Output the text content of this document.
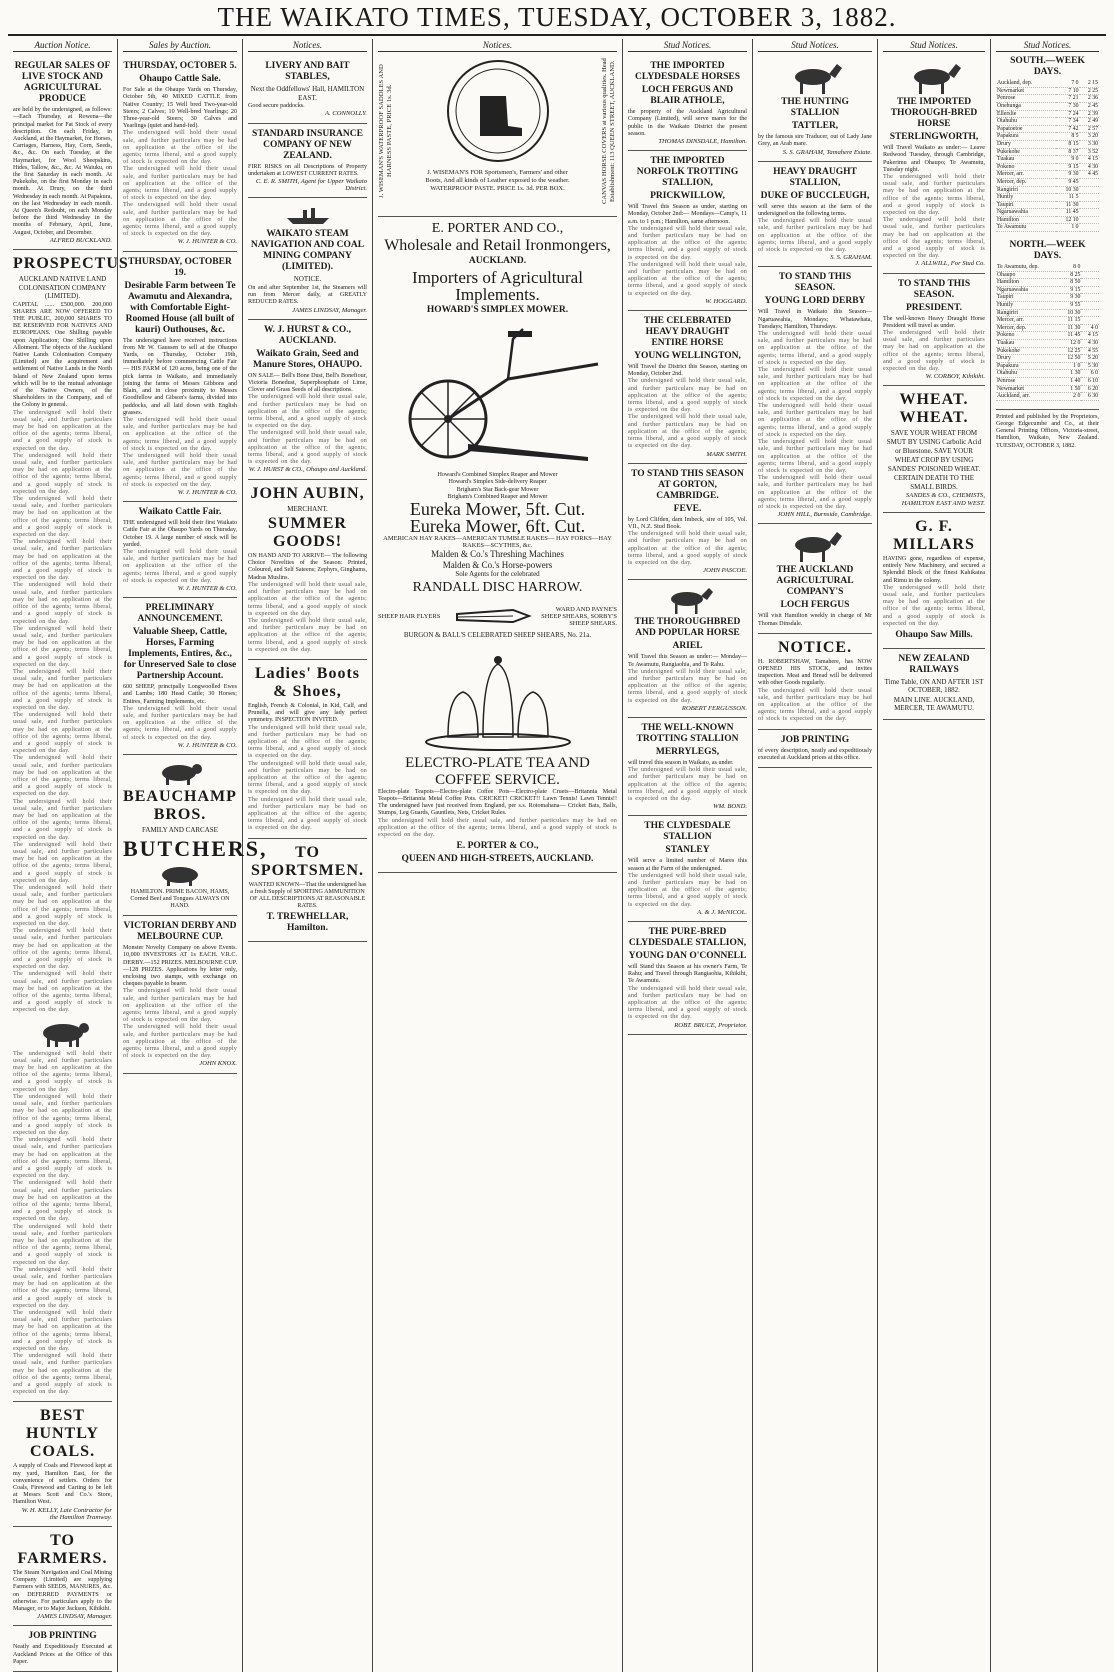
THE WAIKATO TIMES, TUESDAY, OCTOBER 3, 1882.
Auction Notice.
REGULAR SALES OF LIVE STOCK AND AGRICULTURAL PRODUCE
are held by the undersigned, as follows:—Each Thursday, at Rowena—the principal market for Fat Stock of every description. On each Friday, in Auckland, at the Haymarket, for Horses, Carriages, Harness, Hay, Corn, Seeds, &c., &c. On each Tuesday, at the Haymarket, for Wool Sheepskins, Hides, Tallow, &c., &c. At Waiuku, on the first Saturday in each month. At Pukekohe, on the first Monday in each month. At Drury, on the third Wednesday in each month. At Papakura, on the last Wednesday in each month. At Queen's Redoubt, on each Monday before the third Wednesday in the months of February, April, June, August, October, and December.
ALFRED BUCKLAND.
PROSPECTUS
AUCKLAND NATIVE LAND COLONISATION COMPANY (LIMITED).
CAPITAL ...... £500,000. 200,000 SHARES ARE NOW OFFERED TO THE PUBLIC, 200,000 SHARES TO BE RESERVED FOR NATIVES AND EUROPEANS. One Shilling payable upon Application; One Shilling upon Allotment. The objects of the Auckland Native Lands Colonisation Company (Limited) are the acquirement and settlement of Native Lands in the North Island of New Zealand upon terms which will be to the mutual advantage of the Native Owners, of the Shareholders in the Company, and of the Colony in general.
The undersigned will hold their usual sale, and further particulars may be had on application at the office of the agents; terms liberal, and a good supply of stock is expected on the day.
The undersigned will hold their usual sale, and further particulars may be had on application at the office of the agents; terms liberal, and a good supply of stock is expected on the day.
The undersigned will hold their usual sale, and further particulars may be had on application at the office of the agents; terms liberal, and a good supply of stock is expected on the day.
The undersigned will hold their usual sale, and further particulars may be had on application at the office of the agents; terms liberal, and a good supply of stock is expected on the day.
The undersigned will hold their usual sale, and further particulars may be had on application at the office of the agents; terms liberal, and a good supply of stock is expected on the day.
The undersigned will hold their usual sale, and further particulars may be had on application at the office of the agents; terms liberal, and a good supply of stock is expected on the day.
The undersigned will hold their usual sale, and further particulars may be had on application at the office of the agents; terms liberal, and a good supply of stock is expected on the day.
The undersigned will hold their usual sale, and further particulars may be had on application at the office of the agents; terms liberal, and a good supply of stock is expected on the day.
The undersigned will hold their usual sale, and further particulars may be had on application at the office of the agents; terms liberal, and a good supply of stock is expected on the day.
The undersigned will hold their usual sale, and further particulars may be had on application at the office of the agents; terms liberal, and a good supply of stock is expected on the day.
The undersigned will hold their usual sale, and further particulars may be had on application at the office of the agents; terms liberal, and a good supply of stock is expected on the day.
The undersigned will hold their usual sale, and further particulars may be had on application at the office of the agents; terms liberal, and a good supply of stock is expected on the day.
The undersigned will hold their usual sale, and further particulars may be had on application at the office of the agents; terms liberal, and a good supply of stock is expected on the day.
The undersigned will hold their usual sale, and further particulars may be had on application at the office of the agents; terms liberal, and a good supply of stock is expected on the day.
The undersigned will hold their usual sale, and further particulars may be had on application at the office of the agents; terms liberal, and a good supply of stock is expected on the day.
The undersigned will hold their usual sale, and further particulars may be had on application at the office of the agents; terms liberal, and a good supply of stock is expected on the day.
The undersigned will hold their usual sale, and further particulars may be had on application at the office of the agents; terms liberal, and a good supply of stock is expected on the day.
The undersigned will hold their usual sale, and further particulars may be had on application at the office of the agents; terms liberal, and a good supply of stock is expected on the day.
The undersigned will hold their usual sale, and further particulars may be had on application at the office of the agents; terms liberal, and a good supply of stock is expected on the day.
The undersigned will hold their usual sale, and further particulars may be had on application at the office of the agents; terms liberal, and a good supply of stock is expected on the day.
The undersigned will hold their usual sale, and further particulars may be had on application at the office of the agents; terms liberal, and a good supply of stock is expected on the day.
The undersigned will hold their usual sale, and further particulars may be had on application at the office of the agents; terms liberal, and a good supply of stock is expected on the day.
BEST HUNTLY COALS.
A supply of Coals and Firewood kept at my yard, Hamilton East, for the convenience of settlers. Orders for Coals, Firewood and Carting to be left at Messrs Scott and Co.'s Store, Hamilton West.
W. H. KELLY, Late Contractor for the Hamilton Tramway.
TO FARMERS.
The Steam Navigation and Coal Mining Company (Limited) are supplying Farmers with SEEDS, MANURES, &c. on DEFERRED PAYMENTS or otherwise. For particulars apply to the Manager, or to Major Jackson, Kihikihi.
JAMES LINDSAY, Manager.
JOB PRINTING
Neatly and Expeditiously Executed at Auckland Prices at the Office of this Paper.
Sales by Auction.
THURSDAY, OCTOBER 5.
Ohaupo Cattle Sale.
For Sale at the Ohaupo Yards on Thursday, October 5th, 40 MIXED CATTLE from Native Country; 15 Well bred Two-year-old Steers; 2 Calves; 10 Well-bred Yearlings; 20 Three-year-old Steers; 30 Calves and Yearlings (quiet and hand-fed).
The undersigned will hold their usual sale, and further particulars may be had on application at the office of the agents; terms liberal, and a good supply of stock is expected on the day.
The undersigned will hold their usual sale, and further particulars may be had on application at the office of the agents; terms liberal, and a good supply of stock is expected on the day.
The undersigned will hold their usual sale, and further particulars may be had on application at the office of the agents; terms liberal, and a good supply of stock is expected on the day.
W. J. HUNTER & CO.
THURSDAY, OCTOBER 19.
Desirable Farm between Te Awamutu and Alexandra, with Comfortable Eight-Roomed House (all built of kauri) Outhouses, &c.
The undersigned have received instructions from Mr W. Gaussen to sell at the Ohaupo Yards, on Thursday, October 19th, immediately before commencing Cattle Fair — HIS FARM of 120 acres, being one of the pick farms in Waikato, and immediately joining the farms of Messrs Gibbons and Blain, and in close proximity to Messrs Goodfellow and Gibson's farms, divided into paddocks, and all laid down with English grasses.
The undersigned will hold their usual sale, and further particulars may be had on application at the office of the agents; terms liberal, and a good supply of stock is expected on the day.
The undersigned will hold their usual sale, and further particulars may be had on application at the office of the agents; terms liberal, and a good supply of stock is expected on the day.
W. J. HUNTER & CO.
Waikato Cattle Fair.
THE undersigned will hold their first Waikato Cattle Fair at the Ohaupo Yards on Thursday, October 19. A large number of stock will be yarded.
The undersigned will hold their usual sale, and further particulars may be had on application at the office of the agents; terms liberal, and a good supply of stock is expected on the day.
W. J. HUNTER & CO.
PRELIMINARY ANNOUNCEMENT.
Valuable Sheep, Cattle, Horses, Farming Implements, Entires, &c., for Unreserved Sale to close Partnership Account.
600 SHEEP, principally Longwoolled Ewes and Lambs; 180 Head Cattle; 30 Horses; Entires, Farming Implements, etc.
The undersigned will hold their usual sale, and further particulars may be had on application at the office of the agents; terms liberal, and a good supply of stock is expected on the day.
W. J. HUNTER & CO.
BEAUCHAMP BROS.
FAMILY AND CARCASE
BUTCHERS,
HAMILTON. PRIME BACON, HAMS, Corned Beef and Tongues ALWAYS ON HAND.
VICTORIAN DERBY AND MELBOURNE CUP.
Monster Novelty Company on above Events. 10,000 INVESTORS AT 1s EACH. V.R.C. DERBY.—152 PRIZES. MELBOURNE CUP.—128 PRIZES. Applications by letter only, enclosing two stamps, with exchange on cheques payable to bearer.
The undersigned will hold their usual sale, and further particulars may be had on application at the office of the agents; terms liberal, and a good supply of stock is expected on the day.
The undersigned will hold their usual sale, and further particulars may be had on application at the office of the agents; terms liberal, and a good supply of stock is expected on the day.
JOHN KNOX.
Notices.
LIVERY AND BAIT STABLES,
Next the Oddfellows' Hall, HAMILTON EAST.
Good secure paddocks.
A. CONNOLLY.
STANDARD INSURANCE COMPANY OF NEW ZEALAND.
FIRE RISKS on all Descriptions of Property undertaken at LOWEST CURRENT RATES.
C. E. R. SMITH, Agent for Upper Waikato District.
WAIKATO STEAM NAVIGATION AND COAL MINING COMPANY (LIMITED).
NOTICE.
On and after September 1st, the Steamers will run from Mercer daily, at GREATLY REDUCED RATES.
JAMES LINDSAY, Manager.
W. J. HURST & CO., AUCKLAND.
Waikato Grain, Seed and Manure Stores, OHAUPO.
ON SALE— Bell's Bone Dust, Bell's Bonefiour, Victoria Bonedust, Superphosphate of Lime, Clover and Grass Seeds of all descriptions.
The undersigned will hold their usual sale, and further particulars may be had on application at the office of the agents; terms liberal, and a good supply of stock is expected on the day.
The undersigned will hold their usual sale, and further particulars may be had on application at the office of the agents; terms liberal, and a good supply of stock is expected on the day.
W. J. HURST & CO., Ohaupo and Auckland.
JOHN AUBIN,
MERCHANT.
SUMMER GOODS!
ON HAND AND TO ARRIVE— The following Choice Novelties of the Season: Printed, Coloured, and Self Sateens; Zephyrs, Ginghams, Madras Muslins.
The undersigned will hold their usual sale, and further particulars may be had on application at the office of the agents; terms liberal, and a good supply of stock is expected on the day.
The undersigned will hold their usual sale, and further particulars may be had on application at the office of the agents; terms liberal, and a good supply of stock is expected on the day.
Ladies' Boots & Shoes,
English, French & Colonial, in Kid, Calf, and Prunella, and will give any lady perfect symmetry. INSPECTION INVITED.
The undersigned will hold their usual sale, and further particulars may be had on application at the office of the agents; terms liberal, and a good supply of stock is expected on the day.
The undersigned will hold their usual sale, and further particulars may be had on application at the office of the agents; terms liberal, and a good supply of stock is expected on the day.
The undersigned will hold their usual sale, and further particulars may be had on application at the office of the agents; terms liberal, and a good supply of stock is expected on the day.
TO SPORTSMEN.
WANTED KNOWN—That the undersigned has a fresh Supply of SPORTING AMMUNITION OF ALL DESCRIPTIONS AT REASONABLE RATES.
T. TREWHELLAR, Hamilton.
Notices.
J. WISEMAN'S WATERPROOF SADDLES AND HARNESS PASTE, PRICE 1s. 3d.	J. WISEMAN'S FOR Sportsmen's, Farmers' and other Boots, And all kinds of Leather exposed to the weather. WATERPROOF PASTE. PRICE 1s. 3d. PER BOX.	CANVAS HORSE COVERS at various qualities. Head Establishment: 113 QUEEN STREET, AUCKLAND.
E. PORTER AND CO.,
Wholesale and Retail Ironmongers,
AUCKLAND.
Importers of Agricultural Implements.
HOWARD'S SIMPLEX MOWER.
Howard's Combined Simplex Reaper and Mower
Howard's Simplex Side-delivery Reaper
Brigham's Star Back-gear Mower
Brigham's Combined Reaper and Mower
Eureka Mower, 5ft. Cut.
Eureka Mower, 6ft. Cut.
AMERICAN HAY RAKES—AMERICAN TUMBLE RAKES— HAY FORKS—HAY RAKES—SCYTHES, &c.
Malden & Co.'s Threshing Machines
Malden & Co.'s Horse-powers
Sole Agents for the celebrated
RANDALL DISC HARROW.
SHEEP HAIR FLYERS
WARD AND PAYNE'S SHEEP SHEARS, SORBY'S SHEEP SHEARS.
BURGON & BALL'S CELEBRATED SHEEP SHEARS, No. 21a.
ELECTRO-PLATE TEA AND COFFEE SERVICE.
Electro-plate Teapots—Electro-plate Coffee Pots—Electro-plate Cruets—Britannia Metal Teapots—Britannia Metal Coffee Pots. CRICKET! CRICKET!! Lawn Tennis! Lawn Tennis!! The undersigned have just received from England, per s.s. Rotomahana— Cricket Bats, Balls, Stumps, Leg Guards, Gauntlets, Nets, Cricket Rules.
The undersigned will hold their usual sale, and further particulars may be had on application at the office of the agents; terms liberal, and a good supply of stock is expected on the day.
E. PORTER & CO.,
QUEEN AND HIGH-STREETS, AUCKLAND.
Stud Notices.
THE IMPORTED CLYDESDALE HORSES
LOCH FERGUS AND BLAIR ATHOLE,
the property of the Auckland Agricultural Company (Limited), will serve mares for the public in the Waikato District the present season.
THOMAS DINSDALE, Hamilton.
THE IMPORTED NORFOLK TROTTING STALLION,
PRICKWILLOW,
Will Travel this Season as under, starting on Monday, October 2nd:— Mondays—Camp's, 11 a.m. to 1 p.m.; Hamilton, same afternoon.
The undersigned will hold their usual sale, and further particulars may be had on application at the office of the agents; terms liberal, and a good supply of stock is expected on the day.
The undersigned will hold their usual sale, and further particulars may be had on application at the office of the agents; terms liberal, and a good supply of stock is expected on the day.
W. HOGGARD.
THE CELEBRATED HEAVY DRAUGHT ENTIRE HORSE
YOUNG WELLINGTON,
Will Travel the District this Season, starting on Monday, October 2nd.
The undersigned will hold their usual sale, and further particulars may be had on application at the office of the agents; terms liberal, and a good supply of stock is expected on the day.
The undersigned will hold their usual sale, and further particulars may be had on application at the office of the agents; terms liberal, and a good supply of stock is expected on the day.
MARK SMITH.
TO STAND THIS SEASON AT GORTON, CAMBRIDGE.
FEVE.
by Lord Clifden, dam Imbeck, sire of 105, Vol. VII., N.Z. Stud Book.
The undersigned will hold their usual sale, and further particulars may be had on application at the office of the agents; terms liberal, and a good supply of stock is expected on the day.
JOHN PASCOE.
THE THOROUGHBRED AND POPULAR HORSE
ARIEL
Will Travel this Season as under:— Monday—Te Awamutu, Rangiaohia, and Te Rahu.
The undersigned will hold their usual sale, and further particulars may be had on application at the office of the agents; terms liberal, and a good supply of stock is expected on the day.
ROBERT FERGUSSON.
THE WELL-KNOWN TROTTING STALLION
MERRYLEGS,
will travel this season in Waikato, as under.
The undersigned will hold their usual sale, and further particulars may be had on application at the office of the agents; terms liberal, and a good supply of stock is expected on the day.
WM. BOND.
THE CLYDESDALE STALLION
STANLEY
Will serve a limited number of Mares this season at the Farm of the undersigned.
The undersigned will hold their usual sale, and further particulars may be had on application at the office of the agents; terms liberal, and a good supply of stock is expected on the day.
A. & J. McNICOL.
THE PURE-BRED CLYDESDALE STALLION,
YOUNG DAN O'CONNELL
will Stand this Season at his owner's Farm, Te Rahu; and Travel through Rangiaohia, Kihikihi, Te Awamutu.
The undersigned will hold their usual sale, and further particulars may be had on application at the office of the agents; terms liberal, and a good supply of stock is expected on the day.
ROBT. BRUCE, Proprietor.
Stud Notices.
THE HUNTING STALLION
TATTLER,
by the famous sire Traducer, out of Lady Jane Grey, an Arab mare.
S. S. GRAHAM, Tamahere Estate.
HEAVY DRAUGHT STALLION,
DUKE OF BUCCLEUGH,
will serve this season at the farm of the undersigned on the following terms.
The undersigned will hold their usual sale, and further particulars may be had on application at the office of the agents; terms liberal, and a good supply of stock is expected on the day.
S. S. GRAHAM.
TO STAND THIS SEASON.
YOUNG LORD DERBY
Will Travel in Waikato this Season— Ngaruawahia, Mondays; Whatawhata, Tuesdays; Hamilton, Thursdays.
The undersigned will hold their usual sale, and further particulars may be had on application at the office of the agents; terms liberal, and a good supply of stock is expected on the day.
The undersigned will hold their usual sale, and further particulars may be had on application at the office of the agents; terms liberal, and a good supply of stock is expected on the day.
The undersigned will hold their usual sale, and further particulars may be had on application at the office of the agents; terms liberal, and a good supply of stock is expected on the day.
The undersigned will hold their usual sale, and further particulars may be had on application at the office of the agents; terms liberal, and a good supply of stock is expected on the day.
The undersigned will hold their usual sale, and further particulars may be had on application at the office of the agents; terms liberal, and a good supply of stock is expected on the day.
JOHN HILL, Burnside, Cambridge.
THE AUCKLAND AGRICULTURAL COMPANY'S
LOCH FERGUS
Will visit Hamilton weekly in charge of Mr Thomas Dinsdale.
NOTICE.
H. ROBERTSHAW, Tamahere, has NOW OPENED HIS STOCK, and invites inspection. Meat and Bread will be delivered with other Goods regularly.
The undersigned will hold their usual sale, and further particulars may be had on application at the office of the agents; terms liberal, and a good supply of stock is expected on the day.
JOB PRINTING
of every description, neatly and expeditiously executed at Auckland prices at this office.
Stud Notices.
THE IMPORTED THOROUGH-BRED HORSE
STERLINGWORTH,
Will Travel Waikato as under:— Leave Redwood Tuesday, through Cambridge, Pukerimu and Ohaupo; Te Awamutu, Tuesday night.
The undersigned will hold their usual sale, and further particulars may be had on application at the office of the agents; terms liberal, and a good supply of stock is expected on the day.
The undersigned will hold their usual sale, and further particulars may be had on application at the office of the agents; terms liberal, and a good supply of stock is expected on the day.
J. ALLWILL, For Stud Co.
TO STAND THIS SEASON.
PRESIDENT.
The well-known Heavy Draught Horse President will travel as under.
The undersigned will hold their usual sale, and further particulars may be had on application at the office of the agents; terms liberal, and a good supply of stock is expected on the day.
W. CORBOY, Kihikihi.
WHEAT. WHEAT.
SAVE YOUR WHEAT FROM SMUT BY USING Carbolic Acid or Bluestone. SAVE YOUR WHEAT CROP BY USING SANDES' POISONED WHEAT. CERTAIN DEATH TO THE SMALL BIRDS.
SANDES & CO., CHEMISTS, HAMILTON EAST AND WEST.
G. F. MILLARS
HAVING gone, regardless of expense, entirely New Machinery, and secured a Splendid Block of the finest Kahikatea and Rimu in the colony.
The undersigned will hold their usual sale, and further particulars may be had on application at the office of the agents; terms liberal, and a good supply of stock is expected on the day.
Ohaupo Saw Mills.
NEW ZEALAND RAILWAYS
Time Table, ON AND AFTER 1ST OCTOBER, 1882.
MAIN LINE. AUCKLAND, MERCER, TE AWAMUTU.
Stud Notices.
SOUTH.—WEEK DAYS.
Auckland, dep.	7 0	2 15
Newmarket	7 10	2 25
Penrose	7 21	2 36
Onehunga	7 30	2 45
Ellerslie	7 24	2 39
Otahuhu	7 34	2 49
Papatoetoe	7 42	2 57
Papakura	8 5	3 20
Drury	8 15	3 30
Pukekohe	8 37	3 52
Tuakau	9 0	4 15
Pokeno	9 15	4 30
Mercer, arr.	9 30	4 45
Mercer, dep.	9 45	
Rangiriri	10 30	
Huntly	11 5	
Taupiri	11 30	
Ngaruawahia	11 45	
Hamilton	12 10	
Te Awamutu	1 0	
NORTH.—WEEK DAYS.
Te Awamutu, dep.	8 0	
Ohaupo	8 25	
Hamilton	8 50	
Ngaruawahia	9 15	
Taupiri	9 30	
Huntly	9 55	
Rangiriri	10 30	
Mercer, arr.	11 15	
Mercer, dep.	11 30	4 0
Pokeno	11 45	4 15
Tuakau	12 0	4 30
Pukekohe	12 25	4 55
Drury	12 50	5 20
Papakura	1 0	5 30
Otahuhu	1 30	6 0
Penrose	1 40	6 10
Newmarket	1 50	6 20
Auckland, arr.	2 0	6 30
Printed and published by the Proprietors, George Edgecumbe and Co., at their General Printing Offices, Victoria-street, Hamilton, Waikato, New Zealand. TUESDAY, OCTOBER 3, 1882.
